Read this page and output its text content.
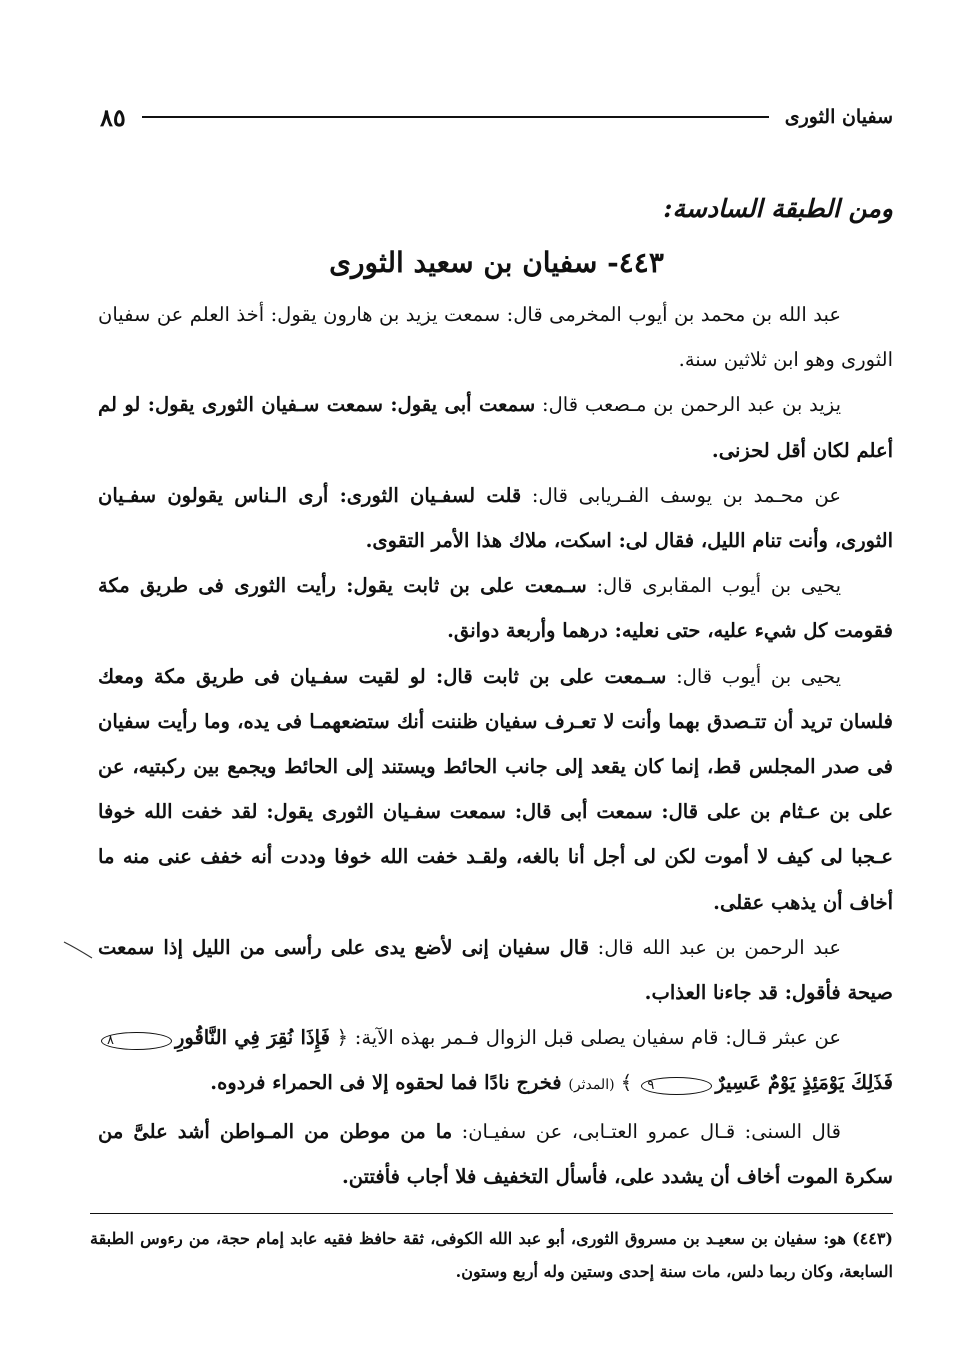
سفيان الثورى
٨٥
ومن الطبقة السادسة:
٤٤٣- سفيان بن سعيد الثورى

عبد الله بن محمد بن أيوب المخرمى قال: سمعت يزيد بن هارون يقول: أخذ العلم عن سفيان الثورى وهو ابن ثلاثين سنة.

يزيد بن عبد الرحمن بن مـصعب قال: سمعت أبى يقول: سمعت سـفيان الثورى يقول: لو لم أعلم لكان أقل لحزنى.

عن محـمد بن يوسف الفـريابى قال: قلت لسفـيان الثورى: أرى الـناس يقولون سفـيان الثورى، وأنت تنام الليل، فقال لى: اسكت، ملاك هذا الأمر التقوى.

يحيى بن أيوب المقابرى قال: سـمعت على بن ثابت يقول: رأيت الثورى فى طريق مكة فقومت كل شيء عليه، حتى نعليه: درهما وأربعة دوانق.

يحيى بن أيوب قال: سـمعت على بن ثابت قال: لو لقيت سفـيان فى طريق مكة ومعك فلسان تريد أن تتـصدق بهما وأنت لا تعـرف سفيان ظننت أنك ستضعهمـا فى يده، وما رأيت سفيان فى صدر المجلس قط، إنما كان يقعد إلى جانب الحائط ويستند إلى الحائط ويجمع بين ركبتيه، عن على بن عـثام بن على قال: سمعت أبى قال: سمعت سفـيان الثورى يقول: لقد خفت الله خوفا عـجبا لى كيف لا أموت لكن لى أجل أنا بالغه، ولقـد خفت الله خوفا وددت أنه خفف عنى منه ما أخاف أن يذهب عقلى.

عبد الرحمن بن عبد الله قال: قال سفيان إنى لأضع يدى على رأسى من الليل إذا سمعت صيحة فأقول: قد جاءنا العذاب.

عن عبثر قـال: قام سفيان يصلى قبل الزوال فـمر بهذه الآية: ﴿ فَإِذَا نُقِرَ فِي النَّاقُورِ٨ فَذَلِكَ يَوْمَئِذٍ يَوْمٌ عَسِيرٌ٩ ﴾ (المدثر) فخرج نادًا فما لحقوه إلا فى الحمراء فردوه.

قال السنى: قـال عمرو العتـابى، عن سفيـان: ما من موطن من المـواطن أشد علىَّ من سكرة الموت أخاف أن يشدد على، فأسأل التخفيف فلا أجاب فأفتتن.

(٤٤٣) هو: سفيان بن سعيـد بن مسروق الثورى، أبو عبد الله الكوفى، ثقة حافظ فقيه عابد إمام حجة، من رءوس الطبقة السابعة، وكان ربما دلس، مات سنة إحدى وستين وله أربع وستون.
